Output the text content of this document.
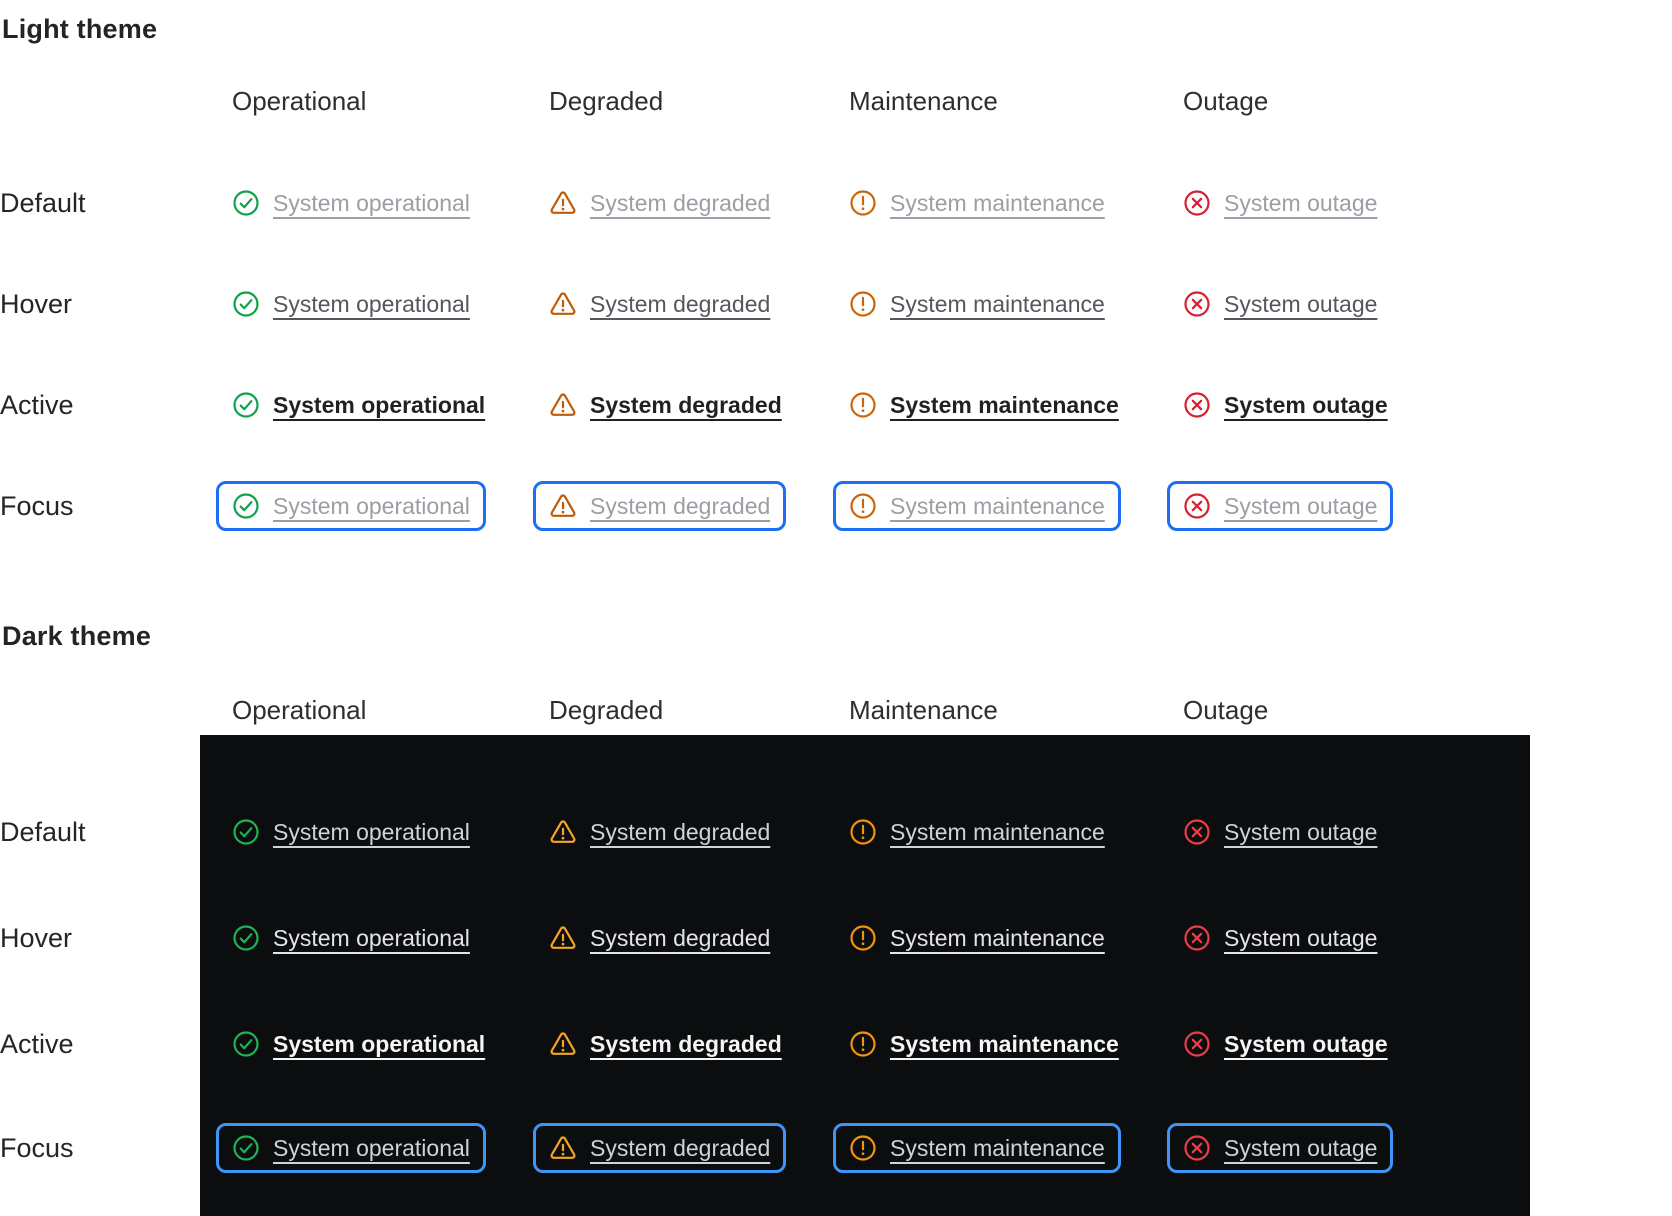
Light theme
Dark theme
Operational	Degraded	Maintenance	Outage
Default	System operational	System degraded	System maintenance	System outage
Hover	System operational	System degraded	System maintenance	System outage
Active	System operational	System degraded	System maintenance	System outage
Focus	System operational	System degraded	System maintenance	System outage
Operational	Degraded	Maintenance	Outage
Default	System operational	System degraded	System maintenance	System outage
Hover	System operational	System degraded	System maintenance	System outage
Active	System operational	System degraded	System maintenance	System outage
Focus	System operational	System degraded	System maintenance	System outage
